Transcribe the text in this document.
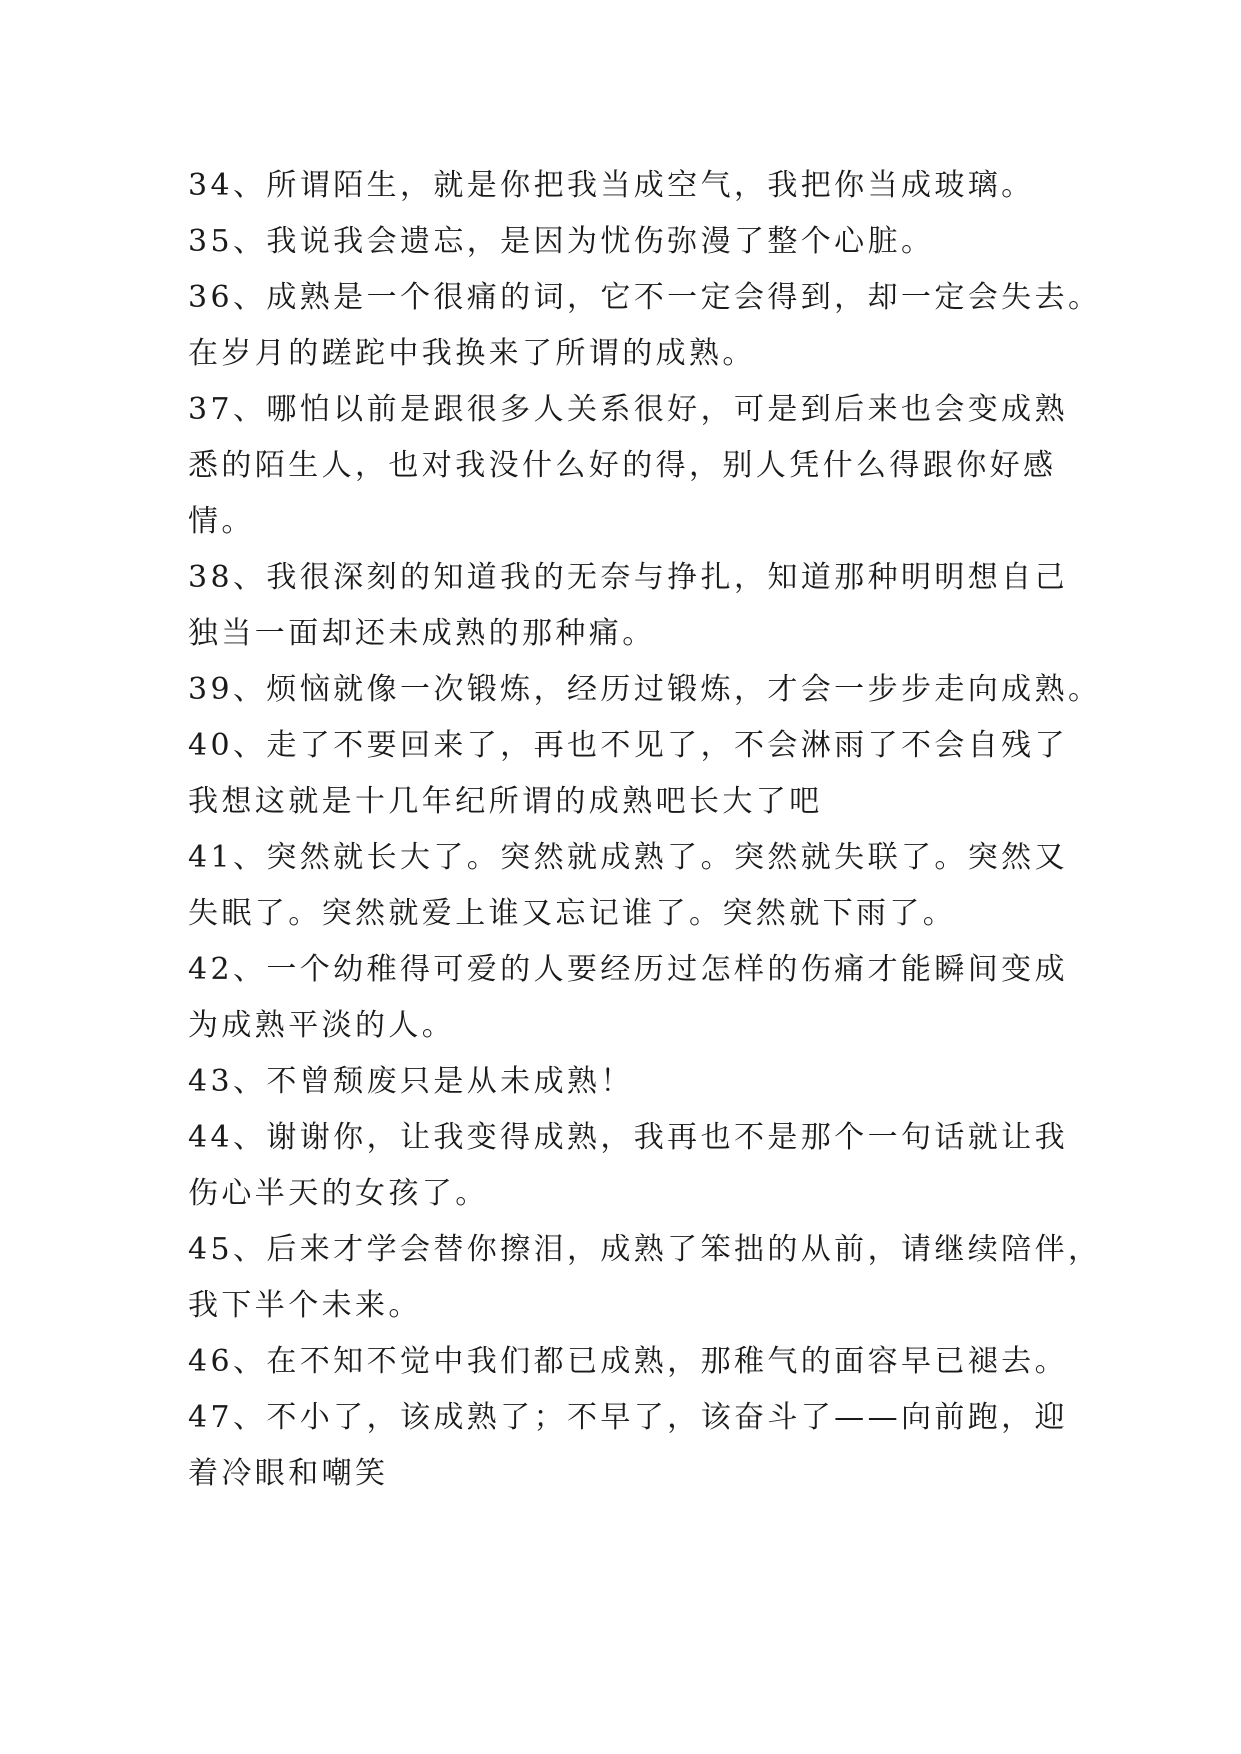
34、所谓陌生，就是你把我当成空气，我把你当成玻璃。
35、我说我会遗忘，是因为忧伤弥漫了整个心脏。
36、成熟是一个很痛的词，它不一定会得到，却一定会失去。
在岁月的蹉跎中我换来了所谓的成熟。
37、哪怕以前是跟很多人关系很好，可是到后来也会变成熟
悉的陌生人，也对我没什么好的得，别人凭什么得跟你好感
情。
38、我很深刻的知道我的无奈与挣扎，知道那种明明想自己
独当一面却还未成熟的那种痛。
39、烦恼就像一次锻炼，经历过锻炼，才会一步步走向成熟。
40、走了不要回来了，再也不见了，不会淋雨了不会自残了
我想这就是十几年纪所谓的成熟吧长大了吧
41、突然就长大了。突然就成熟了。突然就失联了。突然又
失眠了。突然就爱上谁又忘记谁了。突然就下雨了。
42、一个幼稚得可爱的人要经历过怎样的伤痛才能瞬间变成
为成熟平淡的人。
43、不曾颓废只是从未成熟！
44、谢谢你，让我变得成熟，我再也不是那个一句话就让我
伤心半天的女孩了。
45、后来才学会替你擦泪，成熟了笨拙的从前，请继续陪伴，
我下半个未来。
46、在不知不觉中我们都已成熟，那稚气的面容早已褪去。
47、不小了，该成熟了；不早了，该奋斗了——向前跑，迎
着冷眼和嘲笑
